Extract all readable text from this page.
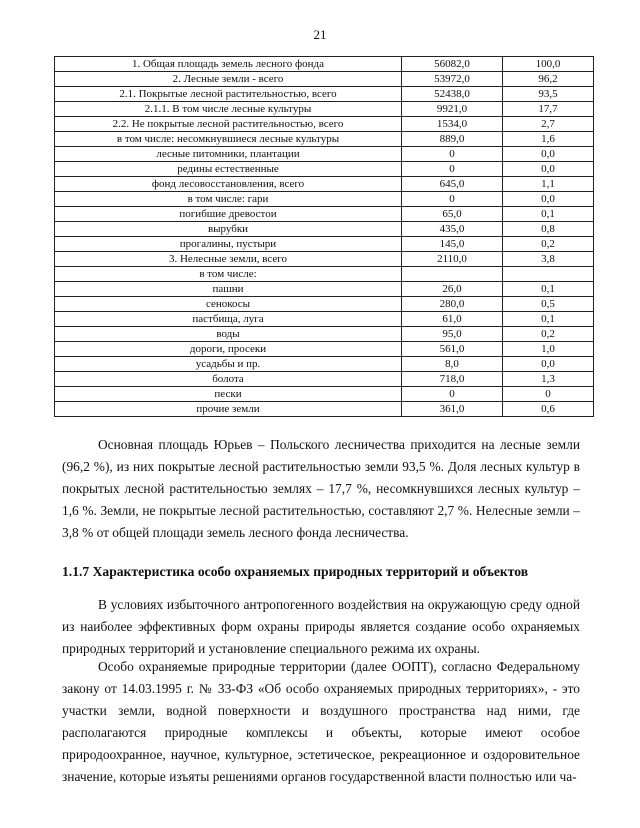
21
1. Общая площадь земель лесного фонда	56082,0	100,0
2. Лесные земли - всего	53972,0	96,2
2.1. Покрытые лесной растительностью, всего	52438,0	93,5
2.1.1. В том числе лесные культуры	9921,0	17,7
2.2. Не покрытые лесной растительностью, всего	1534,0	2,7
в том числе: несомкнувшиеся лесные культуры	889,0	1,6
лесные питомники, плантации	0	0,0
редины естественные	0	0,0
фонд лесовосстановления, всего	645,0	1,1
в том числе: гари	0	0,0
погибшие древостои	65,0	0,1
вырубки	435,0	0,8
прогалины, пустыри	145,0	0,2
3. Нелесные земли, всего	2110,0	3,8
в том числе:		
пашни	26,0	0,1
сенокосы	280,0	0,5
пастбища, луга	61,0	0,1
воды	95,0	0,2
дороги, просеки	561,0	1,0
усадьбы и пр.	8,0	0,0
болота	718,0	1,3
пески	0	0
прочие земли	361,0	0,6

Основная площадь Юрьев – Польского лесничества приходится на лесные земли (96,2 %), из них покрытые лесной растительностью земли 93,5 %. Доля лесных культур в покрытых лесной растительностью землях – 17,7 %, несомкнувшихся лесных культур – 1,6 %. Земли, не покрытые лесной растительностью, составляют 2,7 %. Нелесные земли – 3,8 % от общей площади земель лесного фонда лесничества.

1.1.7 Характеристика особо охраняемых природных территорий и объектов

В условиях избыточного антропогенного воздействия на окружающую среду одной из наиболее эффективных форм охраны природы является создание особо охраняемых природных территорий и установление специального режима их охраны.

Особо охраняемые природные территории (далее ООПТ), согласно Федеральному закону от 14.03.1995 г. № 33-ФЗ «Об особо охраняемых природных территориях», - это участки земли, водной поверхности и воздушного пространства над ними, где располагаются природные комплексы и объекты, которые имеют особое природоохранное, научное, культурное, эстетическое, рекреационное и оздоровительное значение, которые изъяты решениями органов государственной власти полностью или ча-
